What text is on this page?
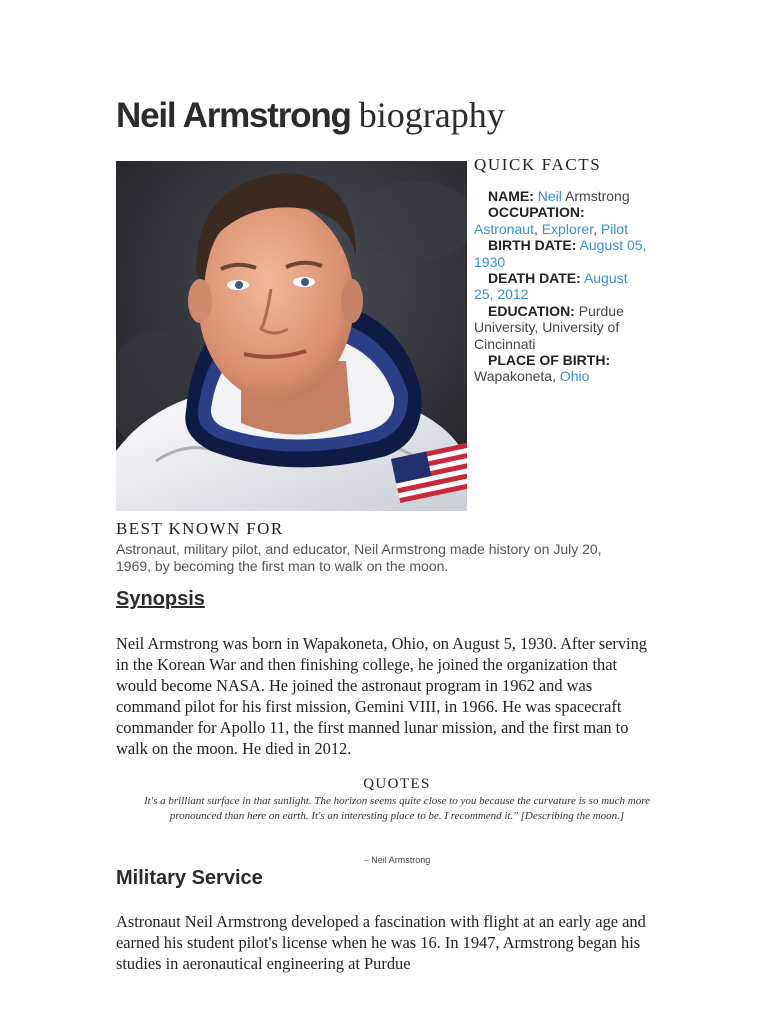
Neil Armstrong biography
QUICK FACTS
NAME: Neil Armstrong
OCCUPATION:
Astronaut, Explorer, Pilot
BIRTH DATE: August 05, 1930
DEATH DATE: August 25, 2012
EDUCATION: Purdue University, University of Cincinnati
PLACE OF BIRTH:
Wapakoneta, Ohio
BEST KNOWN FOR
Astronaut, military pilot, and educator, Neil Armstrong made history on July 20, 1969, by becoming the first man to walk on the moon.
Synopsis
Neil Armstrong was born in Wapakoneta, Ohio, on August 5, 1930. After serving in the Korean War and then finishing college, he joined the organization that would become NASA. He joined the astronaut program in 1962 and was command pilot for his first mission, Gemini VIII, in 1966. He was spacecraft commander for Apollo 11, the first manned lunar mission, and the first man to walk on the moon. He died in 2012.
QUOTES
It's a brilliant surface in that sunlight. The horizon seems quite close to you because the curvature is so much more pronounced than here on earth. It's an interesting place to be. I recommend it." [Describing the moon.]
– Neil Armstrong
Military Service
Astronaut Neil Armstrong developed a fascination with flight at an early age and earned his student pilot's license when he was 16. In 1947, Armstrong began his studies in aeronautical engineering at Purdue
